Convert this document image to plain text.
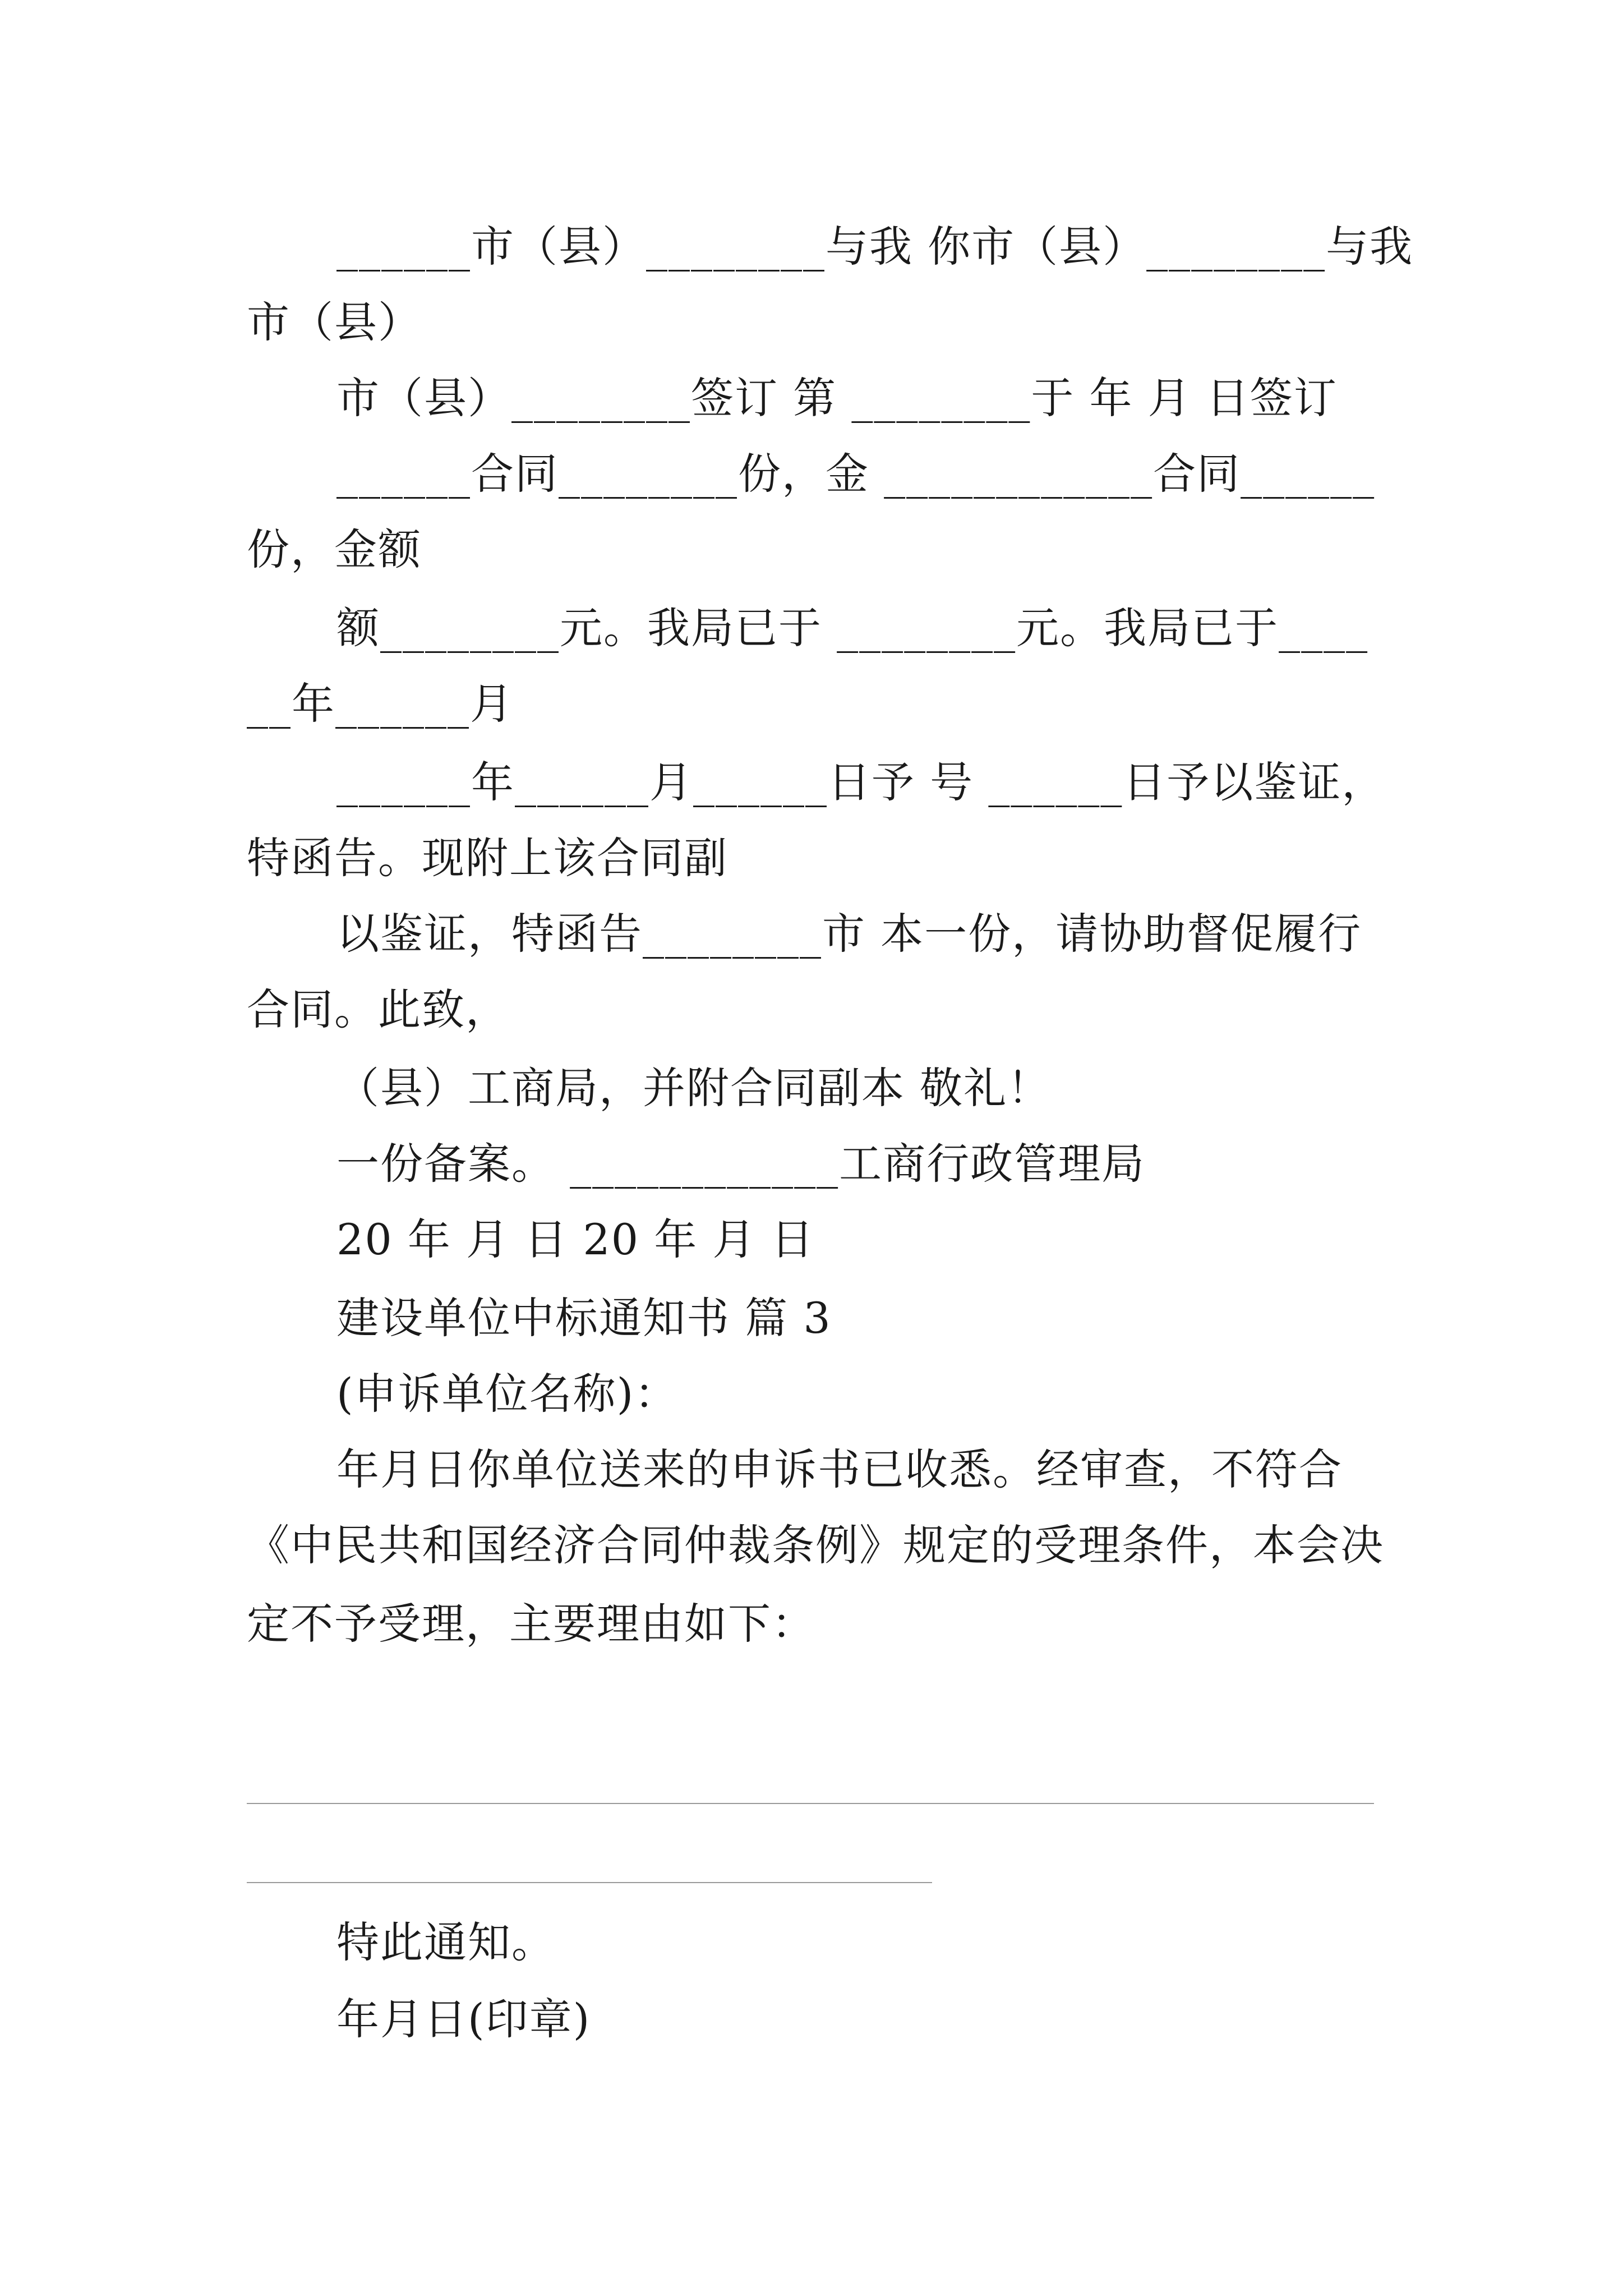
______市（县）________与我 你市（县）________与我
市（县）
市（县）________签订 第 ________于 年 月 日签订
______合同________份，金 ____________合同______
份，金额
额________元。我局已于 ________元。我局已于____
__年______月
______年______月______日予 号 ______日予以鉴证，
特函告。现附上该合同副
以鉴证，特函告________市 本一份，请协助督促履行
合同。此致，
（县）工商局，并附合同副本 敬礼！
一份备案。 ____________工商行政管理局
20 年 月 日 20 年 月 日
建设单位中标通知书 篇 3
(申诉单位名称)：
年月日你单位送来的申诉书已收悉。经审查，不符合
《中民共和国经济合同仲裁条例》规定的受理条件，本会决
定不予受理，主要理由如下：
特此通知。
年月日(印章)
